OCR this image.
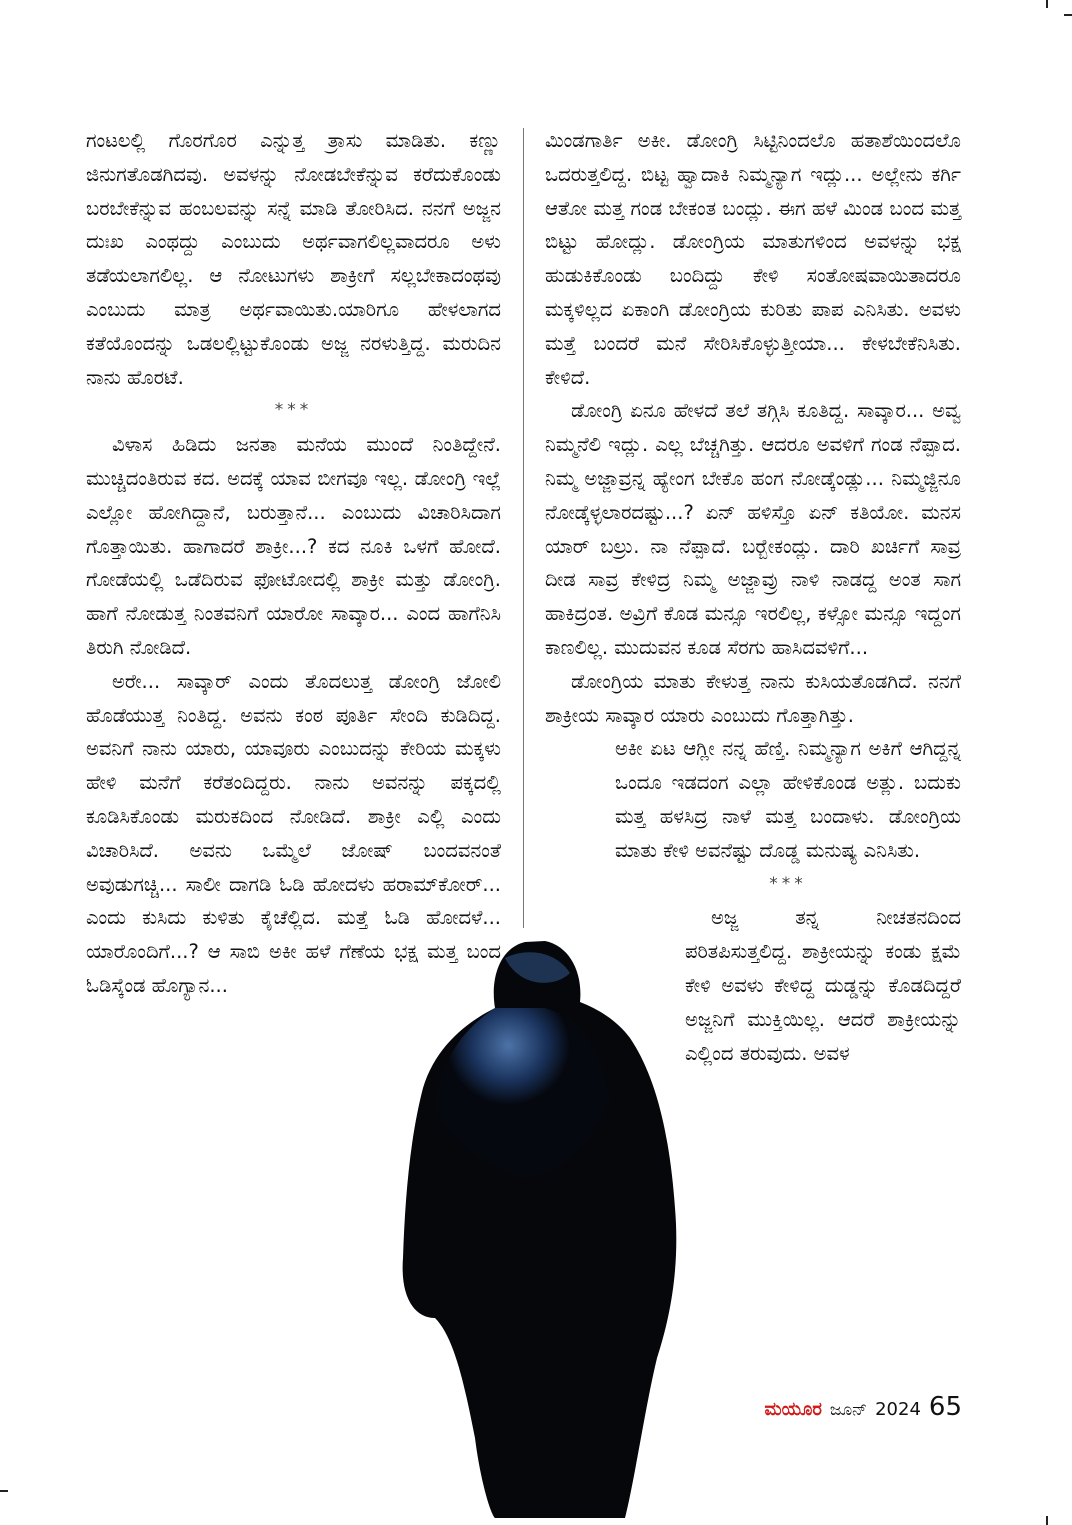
ಗಂಟಲಲ್ಲಿ ಗೊರಗೊರ ಎನ್ನುತ್ತ ತ್ರಾಸು ಮಾಡಿತು. ಕಣ್ಣು ಜಿನುಗತೊಡಗಿದವು. ಅವಳನ್ನು ನೋಡಬೇಕೆನ್ನುವ ಕರೆದುಕೊಂಡು ಬರಬೇಕೆನ್ನುವ ಹಂಬಲವನ್ನು ಸನ್ನೆ ಮಾಡಿ ತೋರಿಸಿದ. ನನಗೆ ಅಜ್ಜನ ದುಃಖ ಎಂಥದ್ದು ಎಂಬುದು ಅರ್ಥವಾಗಲಿಲ್ಲವಾದರೂ ಅಳು ತಡೆಯಲಾಗಲಿಲ್ಲ. ಆ ನೋಟುಗಳು ಶಾಕ್ರೀಗೆ ಸಲ್ಲಬೇಕಾದಂಥವು ಎಂಬುದು ಮಾತ್ರ ಅರ್ಥವಾಯಿತು.ಯಾರಿಗೂ ಹೇಳಲಾಗದ ಕತೆಯೊಂದನ್ನು ಒಡಲಲ್ಲಿಟ್ಟುಕೊಂಡು ಅಜ್ಜ ನರಳುತ್ತಿದ್ದ. ಮರುದಿನ ನಾನು ಹೊರಟೆ.

***

ವಿಳಾಸ ಹಿಡಿದು ಜನತಾ ಮನೆಯ ಮುಂದೆ ನಿಂತಿದ್ದೇನೆ. ಮುಚ್ಚಿದಂತಿರುವ ಕದ. ಅದಕ್ಕೆ ಯಾವ ಬೀಗವೂ ಇಲ್ಲ. ಡೋಂಗ್ರಿ ಇಲ್ಲೆ ಎಲ್ಲೋ ಹೋಗಿದ್ದಾನೆ, ಬರುತ್ತಾನೆ... ಎಂಬುದು ವಿಚಾರಿಸಿದಾಗ ಗೊತ್ತಾಯಿತು. ಹಾಗಾದರೆ ಶಾಕ್ರೀ...? ಕದ ನೂಕಿ ಒಳಗೆ ಹೋದೆ. ಗೋಡೆಯಲ್ಲಿ ಒಡೆದಿರುವ ಫೋಟೋದಲ್ಲಿ ಶಾಕ್ರೀ ಮತ್ತು ಡೋಂಗ್ರಿ. ಹಾಗೆ ನೋಡುತ್ತ ನಿಂತವನಿಗೆ ಯಾರೋ ಸಾವ್ಕಾರ... ಎಂದ ಹಾಗೆನಿಸಿ ತಿರುಗಿ ನೋಡಿದೆ.

ಅರೇ... ಸಾವ್ಕಾರ್ ಎಂದು ತೊದಲುತ್ತ ಡೋಂಗ್ರಿ ಜೋಲಿ ಹೊಡೆಯುತ್ತ ನಿಂತಿದ್ದ. ಅವನು ಕಂಠ ಪೂರ್ತಿ ಸೇಂದಿ ಕುಡಿದಿದ್ದ. ಅವನಿಗೆ ನಾನು ಯಾರು, ಯಾವೂರು ಎಂಬುದನ್ನು ಕೇರಿಯ ಮಕ್ಕಳು ಹೇಳಿ ಮನೆಗೆ ಕರೆತಂದಿದ್ದರು. ನಾನು ಅವನನ್ನು ಪಕ್ಕದಲ್ಲಿ ಕೂಡಿಸಿಕೊಂಡು ಮರುಕದಿಂದ ನೋಡಿದೆ. ಶಾಕ್ರೀ ಎಲ್ಲಿ ಎಂದು ವಿಚಾರಿಸಿದೆ. ಅವನು ಒಮ್ಮೆಲೆ ಜೋಷ್ ಬಂದವನಂತೆ ಅವುಡುಗಚ್ಚಿ... ಸಾಲೀ ದಾಗಡಿ ಓಡಿ ಹೋದಳು ಹರಾಮ್‌ಕೋರ್... ಎಂದು ಕುಸಿದು ಕುಳಿತು ಕೈಚೆಲ್ಲಿದ. ಮತ್ತೆ ಓಡಿ ಹೋದಳೆ... ಯಾರೊಂದಿಗೆ...? ಆ ಸಾಬಿ ಅಕೀ ಹಳೆ ಗೆಣೆಯ ಭಕ್ಷ ಮತ್ತ ಬಂದ ಓಡಿಸ್ಕೆಂಡ ಹೊಗ್ಯಾನ...

ಮಿಂಡಗಾರ್ತಿ ಅಕೀ. ಡೋಂಗ್ರಿ ಸಿಟ್ಟಿನಿಂದಲೊ ಹತಾಶೆಯಿಂದಲೊ ಒದರುತ್ತಲಿದ್ದ. ಬಿಟ್ಟ ಹ್ವಾದಾಕಿ ನಿಮ್ಮನ್ಯಾಗ ಇದ್ಲು... ಅಲ್ಲೇನು ಕರ್ಗಿ ಆತೋ ಮತ್ತ ಗಂಡ ಬೇಕಂತ ಬಂದ್ಲು. ಈಗ ಹಳೆ ಮಿಂಡ ಬಂದ ಮತ್ತ ಬಿಟ್ಟು ಹೋದ್ಲು. ಡೋಂಗ್ರಿಯ ಮಾತುಗಳಿಂದ ಅವಳನ್ನು ಭಕ್ಷ ಹುಡುಕಿಕೊಂಡು ಬಂದಿದ್ದು ಕೇಳಿ ಸಂತೋಷವಾಯಿತಾದರೂ ಮಕ್ಕಳಿಲ್ಲದ ಏಕಾಂಗಿ ಡೋಂಗ್ರಿಯ ಕುರಿತು ಪಾಪ ಎನಿಸಿತು. ಅವಳು ಮತ್ತೆ ಬಂದರೆ ಮನೆ ಸೇರಿಸಿಕೊಳ್ಳುತ್ತೀಯಾ... ಕೇಳಬೇಕೆನಿಸಿತು. ಕೇಳಿದೆ.

ಡೋಂಗ್ರಿ ಏನೂ ಹೇಳದೆ ತಲೆ ತಗ್ಗಿಸಿ ಕೂತಿದ್ದ. ಸಾವ್ಕಾರ... ಅವ್ವ ನಿಮ್ಮನೆಲಿ ಇದ್ಲು. ಎಲ್ಲ ಬೆಚ್ಚಗಿತ್ತು. ಆದರೂ ಅವಳಿಗೆ ಗಂಡ ನೆಪ್ಪಾದ. ನಿಮ್ಮ ಅಜ್ಜಾವ್ರನ್ನ ಹ್ಯೇಂಗ ಬೇಕೊ ಹಂಗ ನೋಡ್ಕೆಂಡ್ಲು... ನಿಮ್ಮಜ್ಜಿನೂ ನೋಡ್ಕೆಳ್ಳಲಾರದಷ್ಟು...? ಏನ್ ಹಳಿಸ್ತೊ ಏನ್ ಕತಿಯೋ. ಮನಸ ಯಾರ್ ಬಲ್ರು. ನಾ ನೆಪ್ಪಾದೆ. ಬರ್‍ಬೇಕಂದ್ಲು. ದಾರಿ ಖರ್ಚಿಗೆ ಸಾವ್ರ ದೀಡ ಸಾವ್ರ ಕೇಳಿದ್ರ ನಿಮ್ಮ ಅಜ್ಜಾವ್ರು ನಾಳಿ ನಾಡದ್ದ ಅಂತ ಸಾಗ ಹಾಕಿದ್ರಂತ. ಅವ್ರಿಗೆ ಕೊಡ ಮನ್ಸೂ ಇರಲಿಲ್ಲ, ಕಳ್ಸೋ ಮನ್ಸೂ ಇದ್ದಂಗ ಕಾಣಲಿಲ್ಲ. ಮುದುವನ ಕೂಡ ಸೆರಗು ಹಾಸಿದವಳಿಗೆ...

ಡೋಂಗ್ರಿಯ ಮಾತು ಕೇಳುತ್ತ ನಾನು ಕುಸಿಯತೊಡಗಿದೆ. ನನಗೆ ಶಾಕ್ರೀಯ ಸಾವ್ಕಾರ ಯಾರು ಎಂಬುದು ಗೊತ್ತಾಗಿತ್ತು.

ಅಕೀ ಏಟ ಆಗ್ಲೀ ನನ್ನ ಹೆಣ್ತಿ. ನಿಮ್ಮನ್ಯಾಗ ಅಕಿಗೆ ಆಗಿದ್ದನ್ನ ಒಂದೂ ಇಡದಂಗ ಎಲ್ಲಾ ಹೇಳಿಕೊಂಡ ಅತ್ಲು. ಬದುಕು ಮತ್ತ ಹಳಸಿದ್ರ ನಾಳೆ ಮತ್ತ ಬಂದಾಳು. ಡೋಂಗ್ರಿಯ ಮಾತು ಕೇಳಿ ಅವನೆಷ್ಟು ದೊಡ್ಡ ಮನುಷ್ಯ ಎನಿಸಿತು.

***

ಅಜ್ಜ ತನ್ನ ನೀಚತನದಿಂದ ಪರಿತಪಿಸುತ್ತಲಿದ್ದ. ಶಾಕ್ರೀಯನ್ನು ಕಂಡು ಕ್ಷಮೆ ಕೇಳಿ ಅವಳು ಕೇಳಿದ್ದ ದುಡ್ಡನ್ನು ಕೊಡದಿದ್ದರೆ ಅಜ್ಜನಿಗೆ ಮುಕ್ತಿಯಿಲ್ಲ. ಆದರೆ ಶಾಕ್ರೀಯನ್ನು ಎಲ್ಲಿಂದ ತರುವುದು. ಅವಳ

ಮಯೂರ ಜೂನ್ 2024 65
